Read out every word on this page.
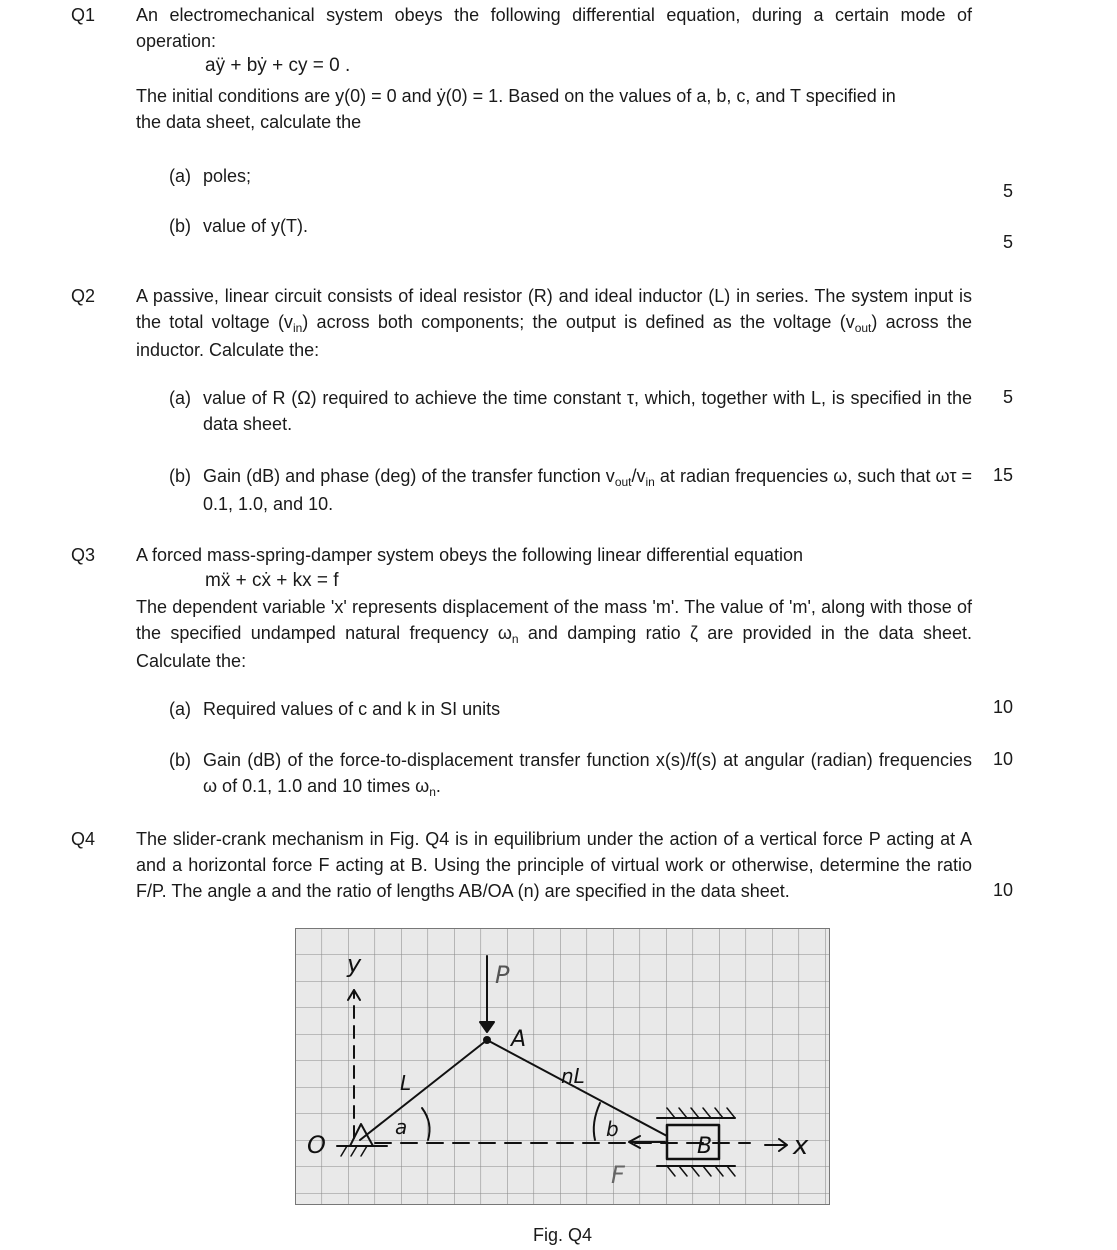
Q1 An electromechanical system obeys the following differential equation, during a certain mode of operation:
aÿ + bẏ + cy = 0 .
The initial conditions are y(0) = 0 and ẏ(0) = 1. Based on the values of a, b, c, and T specified in
the data sheet, calculate the
(a) poles;
5
(b) value of y(T).
5
Q2 A passive, linear circuit consists of ideal resistor (R) and ideal inductor (L) in series. The system input is the total voltage $(v_{in})$ across both components; the output is defined as the voltage $(v_{out})$ across the inductor. Calculate the:
(a) value of R (Ω) required to achieve the time constant τ, which, together with L, is specified in the data sheet.
5
(b) Gain (dB) and phase (deg) of the transfer function $v_{out}/v_{in}$ at radian frequencies ω, such that ωτ = 0.1, 1.0, and 10.
15
Q3 A forced mass-spring-damper system obeys the following linear differential equation
mẍ + cẋ + kx = f
The dependent variable 'x' represents displacement of the mass 'm'. The value of 'm', along with those of the specified undamped natural frequency $\omega_n$ and damping ratio ζ are provided in the data sheet. Calculate the:
(a) Required values of c and k in SI units	10
(b) Gain (dB) of the force-to-displacement transfer function x(s)/f(s) at angular (radian) frequencies ω of 0.1, 1.0 and 10 times $\omega_n$.
10
Q4 The slider-crank mechanism in Fig. Q4 is in equilibrium under the action of a vertical force P acting at A and a horizontal force F acting at B. Using the principle of virtual work or otherwise, determine the ratio F/P. The angle a and the ratio of lengths AB/OA (n) are specified in the data sheet.	10
y	P
A
L	nL
a	b
O	B
F
x
Fig. Q4
